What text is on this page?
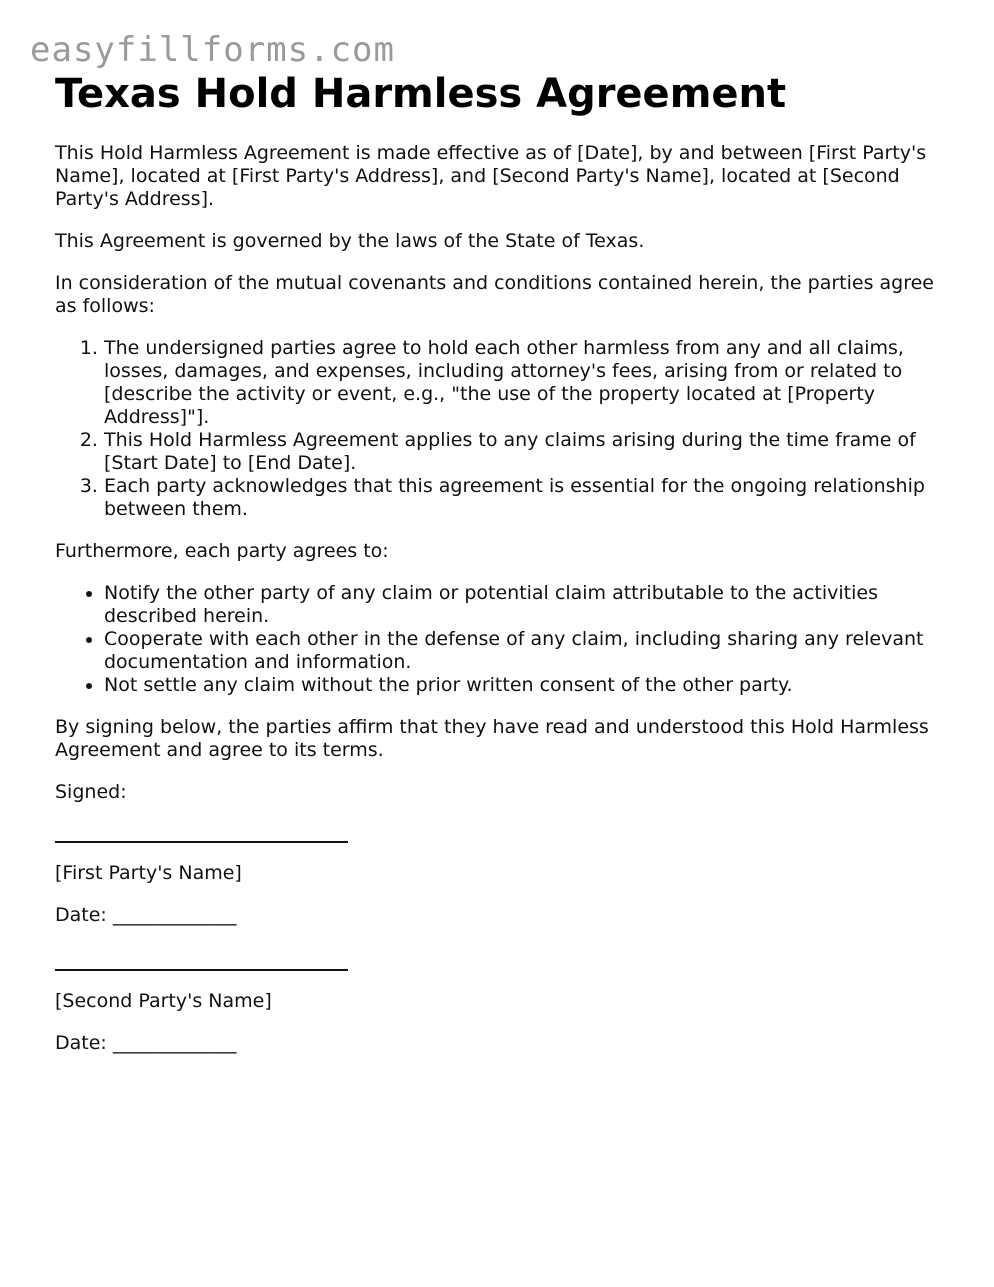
easyfillforms.com
Texas Hold Harmless Agreement

This Hold Harmless Agreement is made effective as of [Date], by and between [First Party's Name], located at [First Party's Address], and [Second Party's Name], located at [Second Party's Address].

This Agreement is governed by the laws of the State of Texas.

In consideration of the mutual covenants and conditions contained herein, the parties agree as follows:

1. The undersigned parties agree to hold each other harmless from any and all claims, losses, damages, and expenses, including attorney's fees, arising from or related to [describe the activity or event, e.g., "the use of the property located at [Property Address]"].
2. This Hold Harmless Agreement applies to any claims arising during the time frame of [Start Date] to [End Date].
3. Each party acknowledges that this agreement is essential for the ongoing relationship between them.

Furthermore, each party agrees to:

• Notify the other party of any claim or potential claim attributable to the activities described herein.
• Cooperate with each other in the defense of any claim, including sharing any relevant documentation and information.
• Not settle any claim without the prior written consent of the other party.

By signing below, the parties affirm that they have read and understood this Hold Harmless Agreement and agree to its terms.

Signed:

[First Party's Name]

Date: _____________

[Second Party's Name]

Date: _____________
